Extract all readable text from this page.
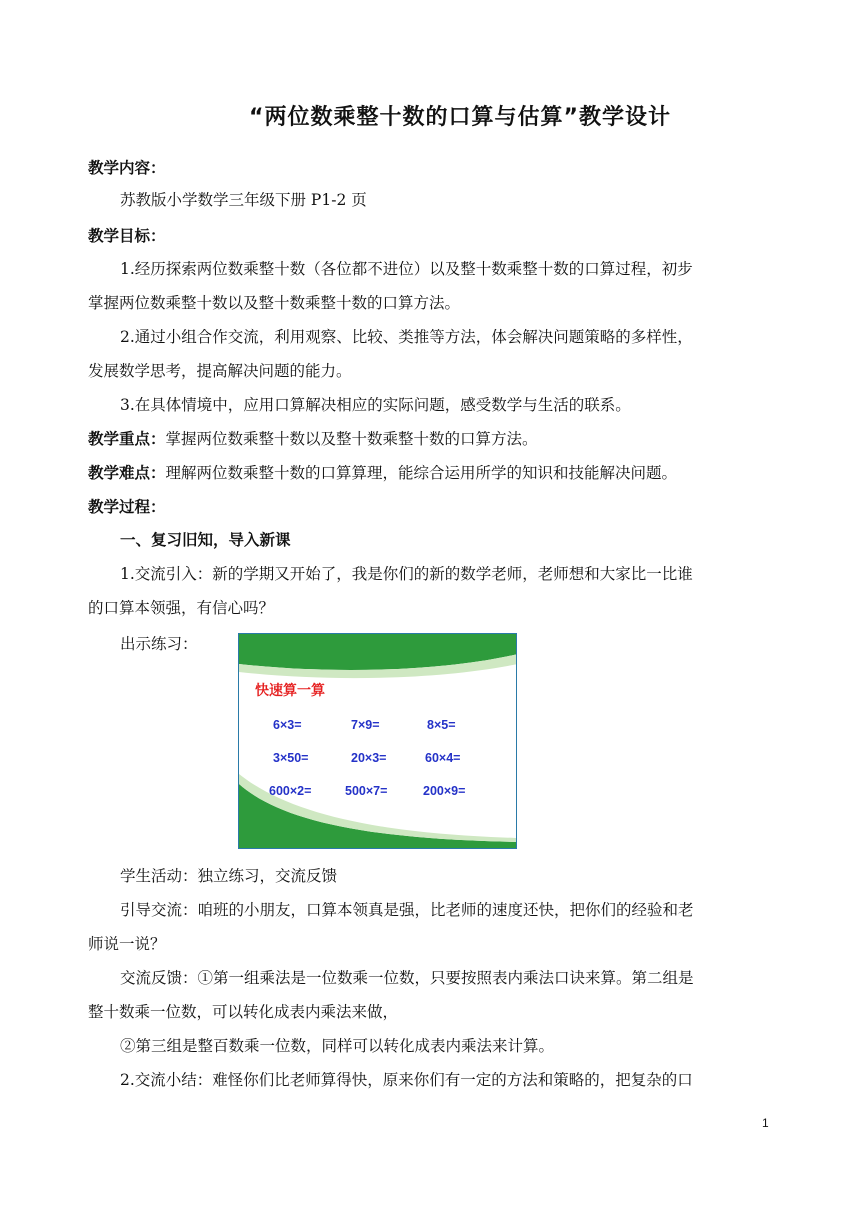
“两位数乘整十数的口算与估算”教学设计
教学内容：
苏教版小学数学三年级下册 P1-2 页
教学目标：
1.经历探索两位数乘整十数（各位都不进位）以及整十数乘整十数的口算过程，初步
掌握两位数乘整十数以及整十数乘整十数的口算方法。
2.通过小组合作交流，利用观察、比较、类推等方法，体会解决问题策略的多样性，
发展数学思考，提高解决问题的能力。
3.在具体情境中，应用口算解决相应的实际问题，感受数学与生活的联系。
教学重点：掌握两位数乘整十数以及整十数乘整十数的口算方法。
教学难点：理解两位数乘整十数的口算算理，能综合运用所学的知识和技能解决问题。
教学过程：
一、复习旧知，导入新课
1.交流引入：新的学期又开始了，我是你们的新的数学老师，老师想和大家比一比谁
的口算本领强，有信心吗？
出示练习：
快速算一算
6×3=	7×9=	8×5=
3×50=	20×3=	60×4=
600×2=	500×7=	200×9=
学生活动：独立练习，交流反馈
引导交流：咱班的小朋友，口算本领真是强，比老师的速度还快，把你们的经验和老
师说一说？
交流反馈：①第一组乘法是一位数乘一位数，只要按照表内乘法口诀来算。第二组是
整十数乘一位数，可以转化成表内乘法来做，
②第三组是整百数乘一位数，同样可以转化成表内乘法来计算。
2.交流小结：难怪你们比老师算得快，原来你们有一定的方法和策略的，把复杂的口
1
